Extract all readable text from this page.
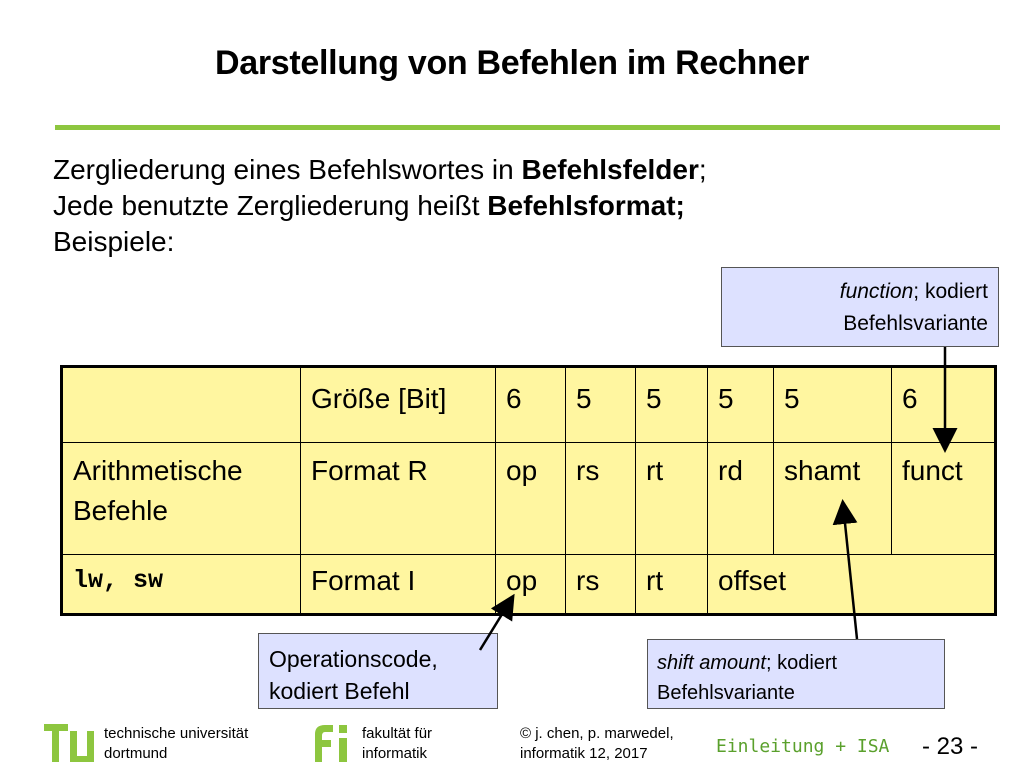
Darstellung von Befehlen im Rechner

Zergliederung eines Befehlswortes in Befehlsfelder;

Jede benutzte Zergliederung heißt Befehlsformat;

Beispiele:

function; kodiert
Befehlsvariante
	Größe [Bit]	6	5	5	5	5	6

Arithmetische
Befehle	Format R	op	rs	rt	rd	shamt	funct
lw, sw	Format I	op	rs	rt	offset		
Operationscode,
kodiert Befehl
shift amount; kodiert
Befehlsvariante
technische universität
dortmund
fakultät für
informatik
© j. chen, p. marwedel,
informatik 12, 2017	Einleitung + ISA - 23 -
